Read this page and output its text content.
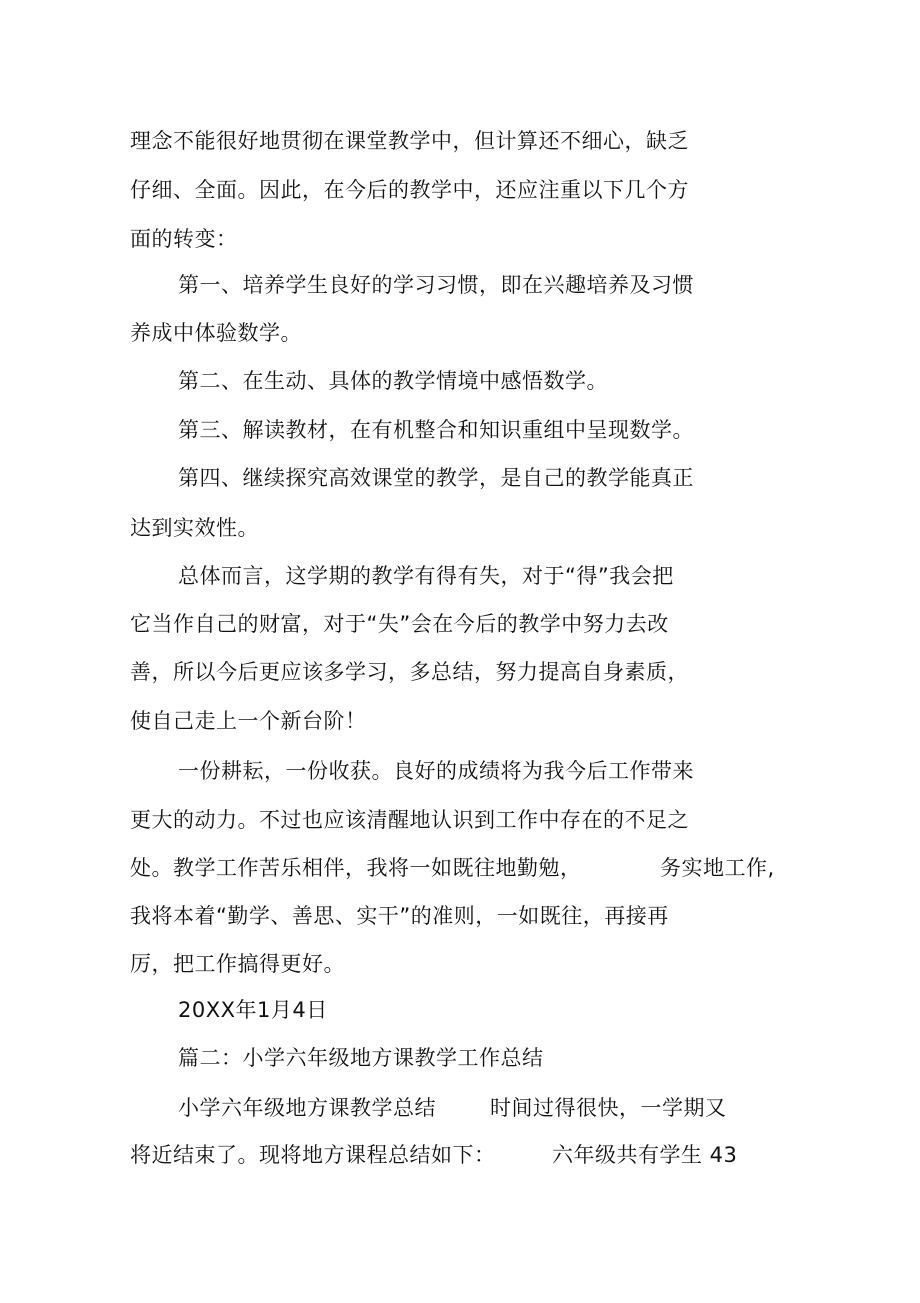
理念不能很好地贯彻在课堂教学中，但计算还不细心，缺乏
仔细、全面。因此，在今后的教学中，还应注重以下几个方
面的转变：
第一、培养学生良好的学习习惯，即在兴趣培养及习惯
养成中体验数学。
第二、在生动、具体的教学情境中感悟数学。
第三、解读教材，在有机整合和知识重组中呈现数学。
第四、继续探究高效课堂的教学，是自己的教学能真正
达到实效性。
总体而言，这学期的教学有得有失，对于“得”我会把
它当作自己的财富，对于“失”会在今后的教学中努力去改
善，所以今后更应该多学习，多总结，努力提高自身素质，
使自己走上一个新台阶！
一份耕耘，一份收获。良好的成绩将为我今后工作带来
更大的动力。不过也应该清醒地认识到工作中存在的不足之
处。教学工作苦乐相伴，我将一如既往地勤勉，	务实地工作,
我将本着“勤学、善思、实干”的准则，一如既往，再接再
厉，把工作搞得更好。
20XX年1月4日
篇二：小学六年级地方课教学工作总结
小学六年级地方课教学总结	时间过得很快，一学期又
将近结束了。现将地方课程总结如下：	六年级共有学生 43
